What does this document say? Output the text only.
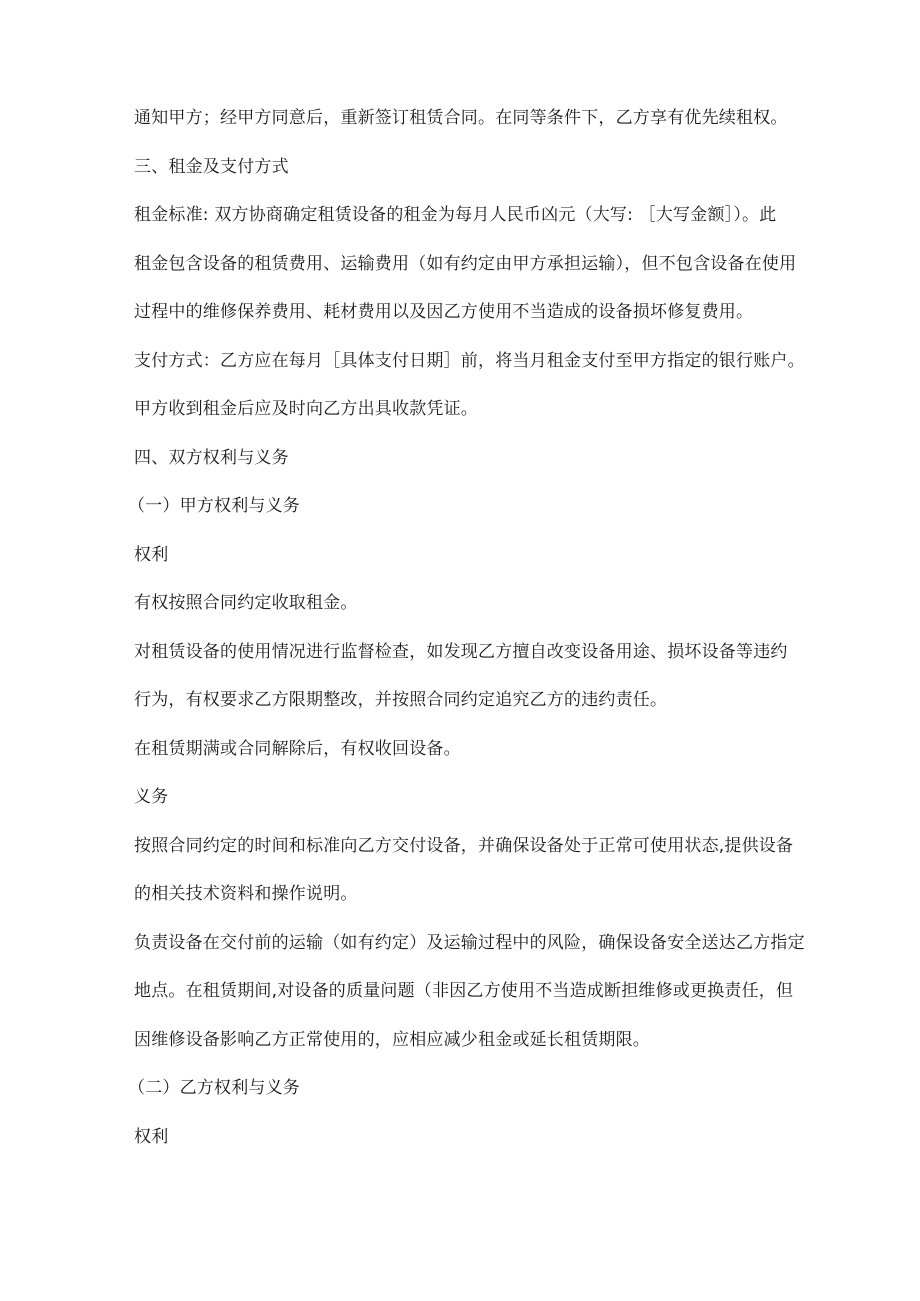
通知甲方；经甲方同意后，重新签订租赁合同。在同等条件下，乙方享有优先续租权。
三、租金及支付方式
租金标准: 双方协商确定租赁设备的租金为每月人民币凶元（大写: ［大写金额］）。此
租金包含设备的租赁费用、运输费用（如有约定由甲方承担运输），但不包含设备在使用
过程中的维修保养费用、耗材费用以及因乙方使用不当造成的设备损坏修复费用。
支付方式：乙方应在每月［具体支付日期］前，将当月租金支付至甲方指定的银行账户。
甲方收到租金后应及时向乙方出具收款凭证。
四、双方权利与义务
（一）甲方权利与义务
权利
有权按照合同约定收取租金。
对租赁设备的使用情况进行监督检查，如发现乙方擅自改变设备用途、损坏设备等违约
行为，有权要求乙方限期整改，并按照合同约定追究乙方的违约责任。
在租赁期满或合同解除后，有权收回设备。
义务
按照合同约定的时间和标准向乙方交付设备，并确保设备处于正常可使用状态,提供设备
的相关技术资料和操作说明。
负责设备在交付前的运输（如有约定）及运输过程中的风险，确保设备安全送达乙方指定
地点。在租赁期间,对设备的质量问题（非因乙方使用不当造成断担维修或更换责任，但
因维修设备影响乙方正常使用的，应相应减少租金或延长租赁期限。
（二）乙方权利与义务
权利
